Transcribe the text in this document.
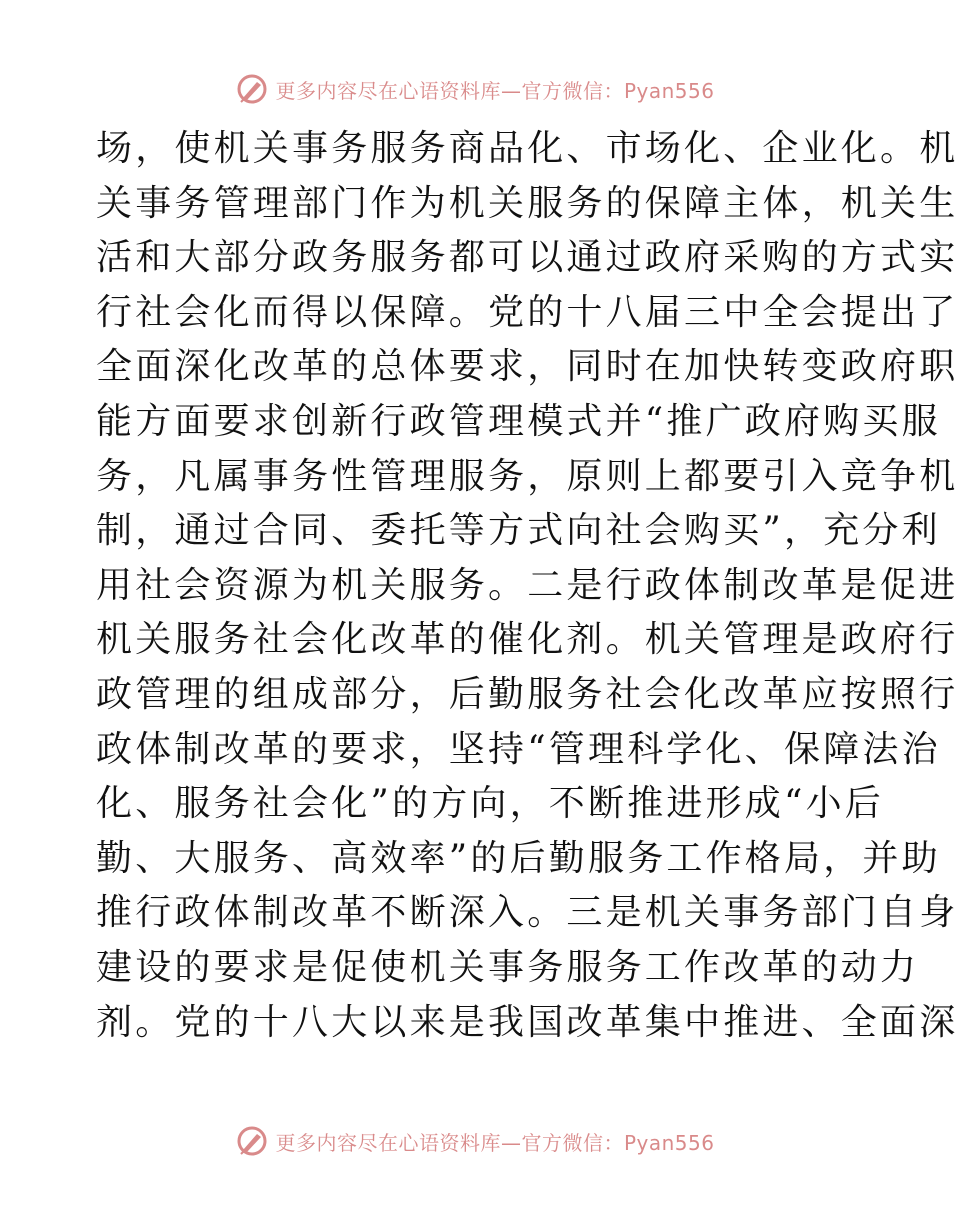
更多内容尽在心语资料库—官方微信：Pyan556
场，使机关事务服务商品化、市场化、企业化。机
关事务管理部门作为机关服务的保障主体，机关生
活和大部分政务服务都可以通过政府采购的方式实
行社会化而得以保障。党的十八届三中全会提出了
全面深化改革的总体要求，同时在加快转变政府职
能方面要求创新行政管理模式并“推广政府购买服
务，凡属事务性管理服务，原则上都要引入竞争机
制，通过合同、委托等方式向社会购买”，充分利
用社会资源为机关服务。二是行政体制改革是促进
机关服务社会化改革的催化剂。机关管理是政府行
政管理的组成部分，后勤服务社会化改革应按照行
政体制改革的要求，坚持“管理科学化、保障法治
化、服务社会化”的方向，不断推进形成“小后
勤、大服务、高效率”的后勤服务工作格局，并助
推行政体制改革不断深入。三是机关事务部门自身
建设的要求是促使机关事务服务工作改革的动力
剂。党的十八大以来是我国改革集中推进、全面深
更多内容尽在心语资料库—官方微信：Pyan556
